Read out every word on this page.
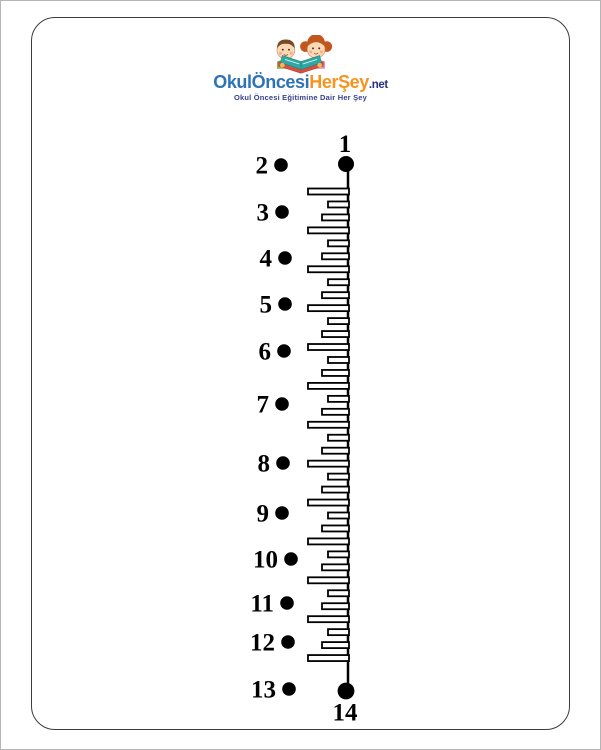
OkulÖncesiHerŞey.net
Okul Öncesi Eğitimine Dair Her Şey
1
2
3
4
5
6
7
8
9
10
11
12
13
14
